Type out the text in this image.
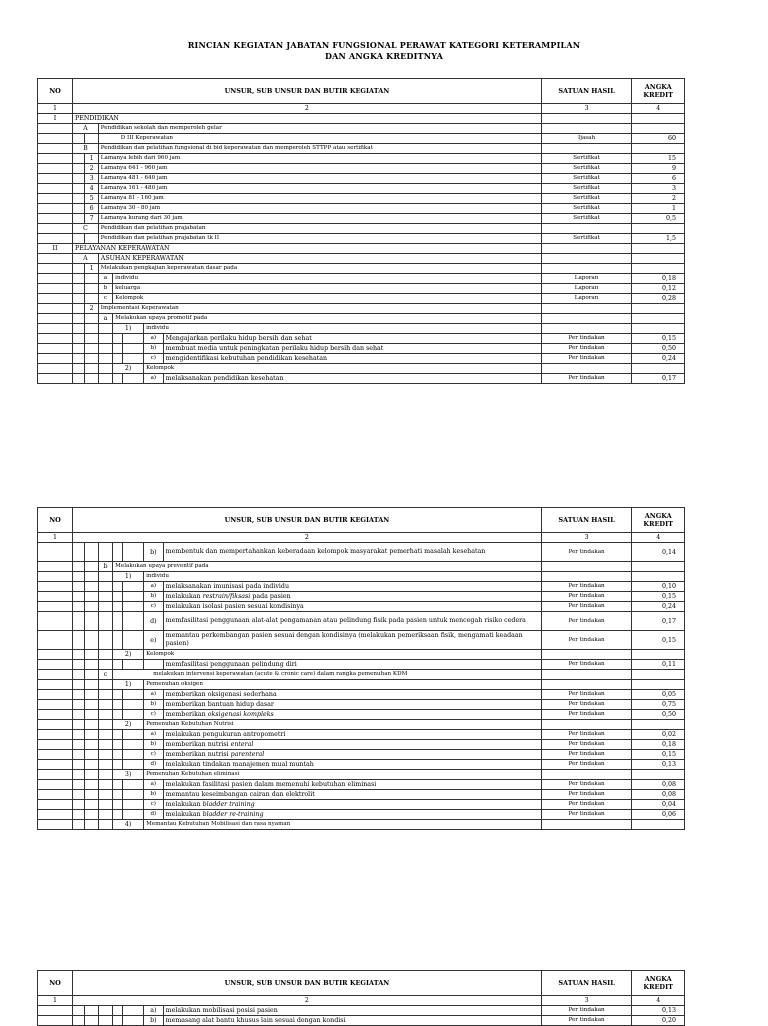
RINCIAN KEGIATAN JABATAN FUNGSIONAL PERAWAT KATEGORI KETERAMPILAN
DAN ANGKA KREDITNYA
NO	UNSUR, SUB UNSUR DAN BUTIR KEGIATAN							SATUAN HASIL	ANGKA KREDIT
1	2							3	4
I	PENDIDIKAN								
	A		Pendidikan sekolah dan memperoleh gelar						
			D III Keperawatan					Ijasah	60
	B		Pendidikan dan pelatihan fungsional di bid keperawatan dan memperoleh STTPP atau sertifikat						
		1	Lamanya lebih dari 960 jam					Sertifikat	15
		2	Lamanya 641 - 960 jam					Sertifikat	9
		3	Lamanya 481 - 640 jam					Sertifikat	6
		4	Lamanya 161 - 480 jam					Sertifikat	3
		5	Lamanya 81 - 160 jam					Sertifikat	2
		6	Lamanya 30 - 80 jam					Sertifikat	1
		7	Lamanya kurang dari 30 jam					Sertifikat	0,5
	C		Pendidikan dan pelatihan prajabatan						
			Pendidikan dan pelatihan prajabatan tk II					Sertifikat	1,5
II	PELAYANAN KEPERAWATAN								
	A		ASUHAN KEPERAWATAN						
		1	Melakukan pengkajian keperawatan dasar pada						
			a	individu				Laporan	0,18
			b	keluarga				Laporan	0,12
			c	Kelompok				Laporan	0,28
		2	Implementasi Keperawatan						
			a	Melakukan upaya promotif pada					
				1)		individu			
						a)	Mengajarkan perilaku hidup bersih dan sehat	Per tindakan	0,15
						b)	membuat media untuk peningkatan perilaku hidup bersih dan sehat	Per tindakan	0,50
						c)	mengidentifikasi kebutuhan pendidikan kesehatan	Per tindakan	0,24
				2)		Kelompok			
						a)	melaksanakan pendidikan kesehatan	Per tindakan	0,17
NO	UNSUR, SUB UNSUR DAN BUTIR KEGIATAN							SATUAN HASIL	ANGKA KREDIT
1	2							3	4
						b)	membentuk dan mempertahankan keberadaan kelompok masyarakat pemerhati masalah kesehatan	Per tindakan	0,14
			b	Melakukan upaya preventif pada					
				1)		individu			
						a)	melaksanakan imunisasi pada individu	Per tindakan	0,10
						b)	melakukan restrain/fiksasi pada pasien	Per tindakan	0,15
						c)	melakukan isolasi pasien sesuai kondisinya	Per tindakan	0,24
						d)	memfasilitasi penggunaan alat-alat pengamanan atau pelindung fisik pada pasien untuk mencegah risiko cedera	Per tindakan	0,17
						e)	memantau perkembangan pasien sesuai dengan kondisinya (melakukan pemeriksaan fisik, mengamati keadaan pasien)	Per tindakan	0,15
				2)		Kelompok			
							memfasilitasi penggunaan pelindung diri	Per tindakan	0,11
			c	melakukan intervensi keperawatan (acute & cronic care) dalam rangka pemenuhan KDM					
				1)		Pemenuhan oksigen			
						a)	memberikan oksigenasi sederhana	Per tindakan	0,05
						b)	memberikan bantuan hidup dasar	Per tindakan	0,75
						c)	memberikan oksigenasi kompleks	Per tindakan	0,50
				2)		Pemenuhan Kebutuhan Nutrisi			
						a)	melakukan pengukuran antropometri	Per tindakan	0,02
						b)	memberikan nutrisi enteral	Per tindakan	0,18
						c)	memberikan nutrisi parenteral	Per tindakan	0,15
						d)	melakukan tindakan manajemen mual muntah	Per tindakan	0,13
				3)		Pemenuhan Kebutuhan eliminasi			
						a)	melakukan fasilitasi pasien dalam memenuhi kebutuhan eliminasi	Per tindakan	0,08
						b)	memantau keseimbangan cairan dan elektrolit	Per tindakan	0,08
						c)	melakukan bladder training	Per tindakan	0,04
						d)	melakukan bladder re-training	Per tindakan	0,06
				4)		Memantau Kebutuhan Mobilisasi dan rasa nyaman			
NO	UNSUR, SUB UNSUR DAN BUTIR KEGIATAN							SATUAN HASIL	ANGKA KREDIT
1	2							3	4
						a)	melakukan mobilisasi posisi pasien	Per tindakan	0,13
						b)	memasang alat bantu khusus lain sesuai dengan kondisi	Per tindakan	0,20
